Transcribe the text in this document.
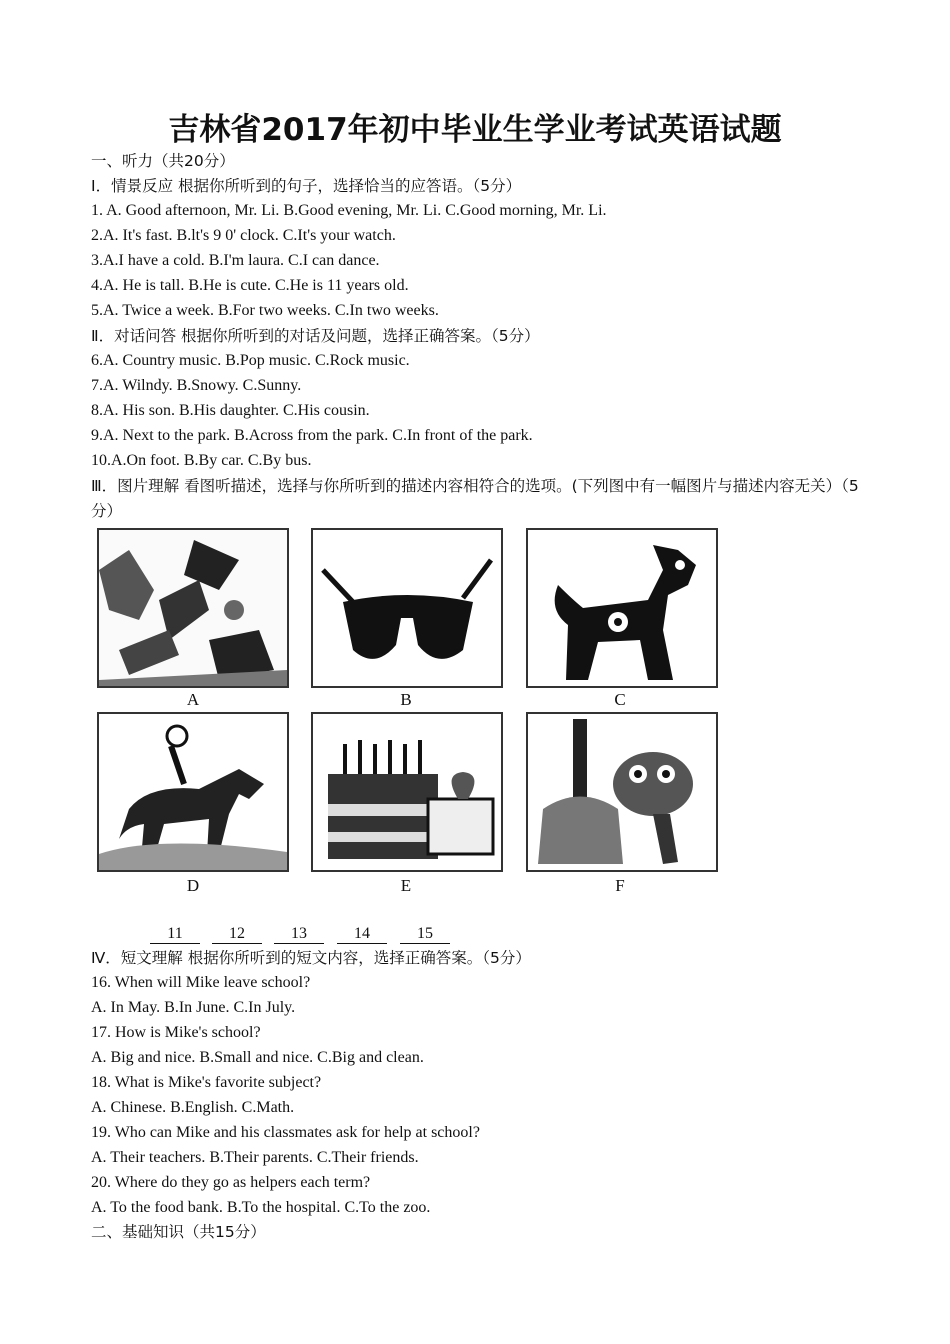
吉林省2017年初中毕业生学业考试英语试题
一、听力（共20分）
I．情景反应 根据你所听到的句子，选择恰当的应答语。（5分）
1. A. Good afternoon, Mr. Li. B.Good evening, Mr. Li. C.Good morning, Mr. Li.
2.A. It's fast. B.lt's 9 0' clock. C.It's your watch.
3.A.I have a cold. B.I'm laura. C.I can dance.
4.A. He is tall. B.He is cute. C.He is 11 years old.
5.A. Twice a week. B.For two weeks. C.In two weeks.
Ⅱ．对话问答 根据你所听到的对话及问题，选择正确答案。（5分）
6.A. Country music. B.Pop music. C.Rock music.
7.A. Wilndy. B.Snowy. C.Sunny.
8.A. His son. B.His daughter. C.His cousin.
9.A. Next to the park. B.Across from the park. C.In front of the park.
10.A.On foot. B.By car. C.By bus.
Ⅲ．图片理解 看图听描述，选择与你所听到的描述内容相符合的选项。(下列图中有一幅图片与描述内容无关）（5分）
A	B	C
D	E	F
11	12	13	14	15
Ⅳ．短文理解 根据你所听到的短文内容，选择正确答案。（5分）
16. When will Mike leave school?
A. In May. B.In June. C.In July.
17. How is Mike's school?
A. Big and nice. B.Small and nice. C.Big and clean.
18. What is Mike's favorite subject?
A. Chinese. B.English. C.Math.
19. Who can Mike and his classmates ask for help at school?
A. Their teachers. B.Their parents. C.Their friends.
20. Where do they go as helpers each term?
A. To the food bank. B.To the hospital. C.To the zoo.
二、基础知识（共15分）
